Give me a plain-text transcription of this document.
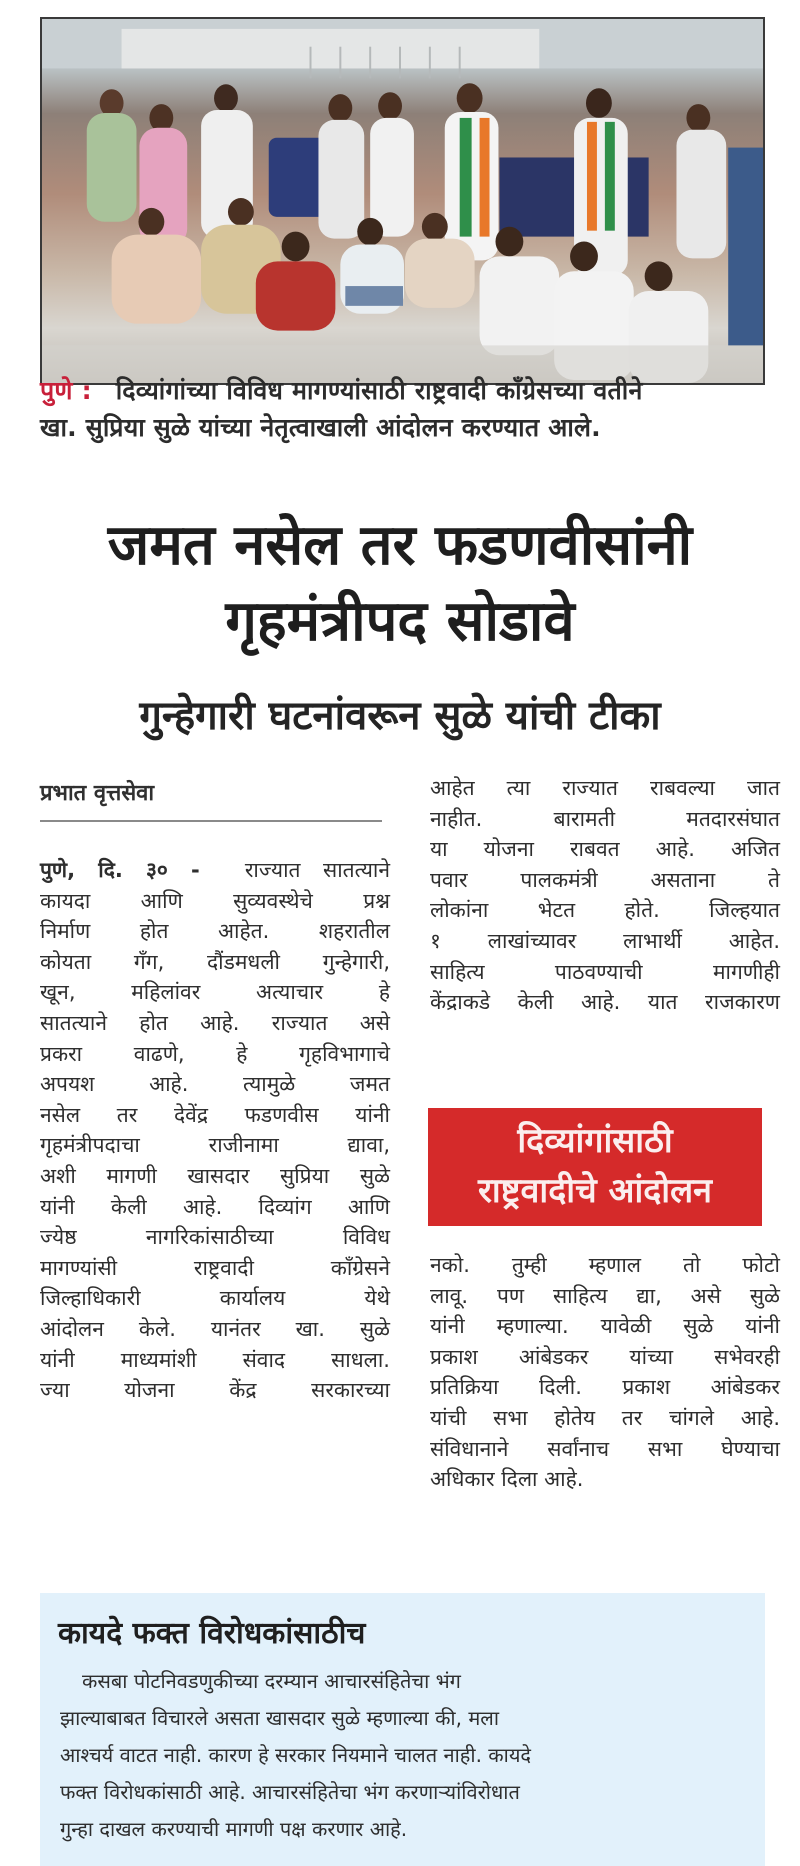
पुणे : दिव्यांगांच्या विविध मागण्यांसाठी राष्ट्रवादी काँग्रेसच्या वतीने
खा. सुप्रिया सुळे यांच्या नेतृत्वाखाली आंदोलन करण्यात आले.
जमत नसेल तर फडणवीसांनी
गृहमंत्रीपद सोडावे
गुन्हेगारी घटनांवरून सुळे यांची टीका
प्रभात वृत्तसेवा
पुणे, दि. ३० - राज्यात सातत्याने
कायदा आणि सुव्यवस्थेचे प्रश्न
निर्माण होत आहेत. शहरातील
कोयता गँग, दौंडमधली गुन्हेगारी,
खून, महिलांवर अत्याचार हे
सातत्याने होत आहे. राज्यात असे
प्रकरा वाढणे, हे गृहविभागाचे
अपयश आहे. त्यामुळे जमत
नसेल तर देवेंद्र फडणवीस यांनी
गृहमंत्रीपदाचा राजीनामा द्यावा,
अशी मागणी खासदार सुप्रिया सुळे
यांनी केली आहे. दिव्यांग आणि
ज्येष्ठ नागरिकांसाठीच्या विविध
मागण्यांसी राष्ट्रवादी काँग्रेसने
जिल्हाधिकारी कार्यालय येथे
आंदोलन केले. यानंतर खा. सुळे
यांनी माध्यमांशी संवाद साधला.
ज्या योजना केंद्र सरकारच्या
आहेत त्या राज्यात राबवल्या जात
नाहीत. बारामती मतदारसंघात
या योजना राबवत आहे. अजित
पवार पालकमंत्री असताना ते
लोकांना भेटत होते. जिल्हयात
१ लाखांच्यावर लाभार्थी आहेत.
साहित्य पाठवण्याची मागणीही
केंद्राकडे केली आहे. यात राजकारण
दिव्यांगांसाठी
राष्ट्रवादीचे आंदोलन
नको. तुम्ही म्हणाल तो फोटो
लावू. पण साहित्य द्या, असे सुळे
यांनी म्हणाल्या. यावेळी सुळे यांनी
प्रकाश आंबेडकर यांच्या सभेवरही
प्रतिक्रिया दिली. प्रकाश आंबेडकर
यांची सभा होतेय तर चांगले आहे.
संविधानाने सर्वांनाच सभा घेण्याचा
अधिकार दिला आहे.
कायदे फक्त विरोधकांसाठीच
कसबा पोटनिवडणुकीच्या दरम्यान आचारसंहितेचा भंग
झाल्याबाबत विचारले असता खासदार सुळे म्हणाल्या की, मला
आश्चर्य वाटत नाही. कारण हे सरकार नियमाने चालत नाही. कायदे
फक्त विरोधकांसाठी आहे. आचारसंहितेचा भंग करणाऱ्यांविरोधात
गुन्हा दाखल करण्याची मागणी पक्ष करणार आहे.
